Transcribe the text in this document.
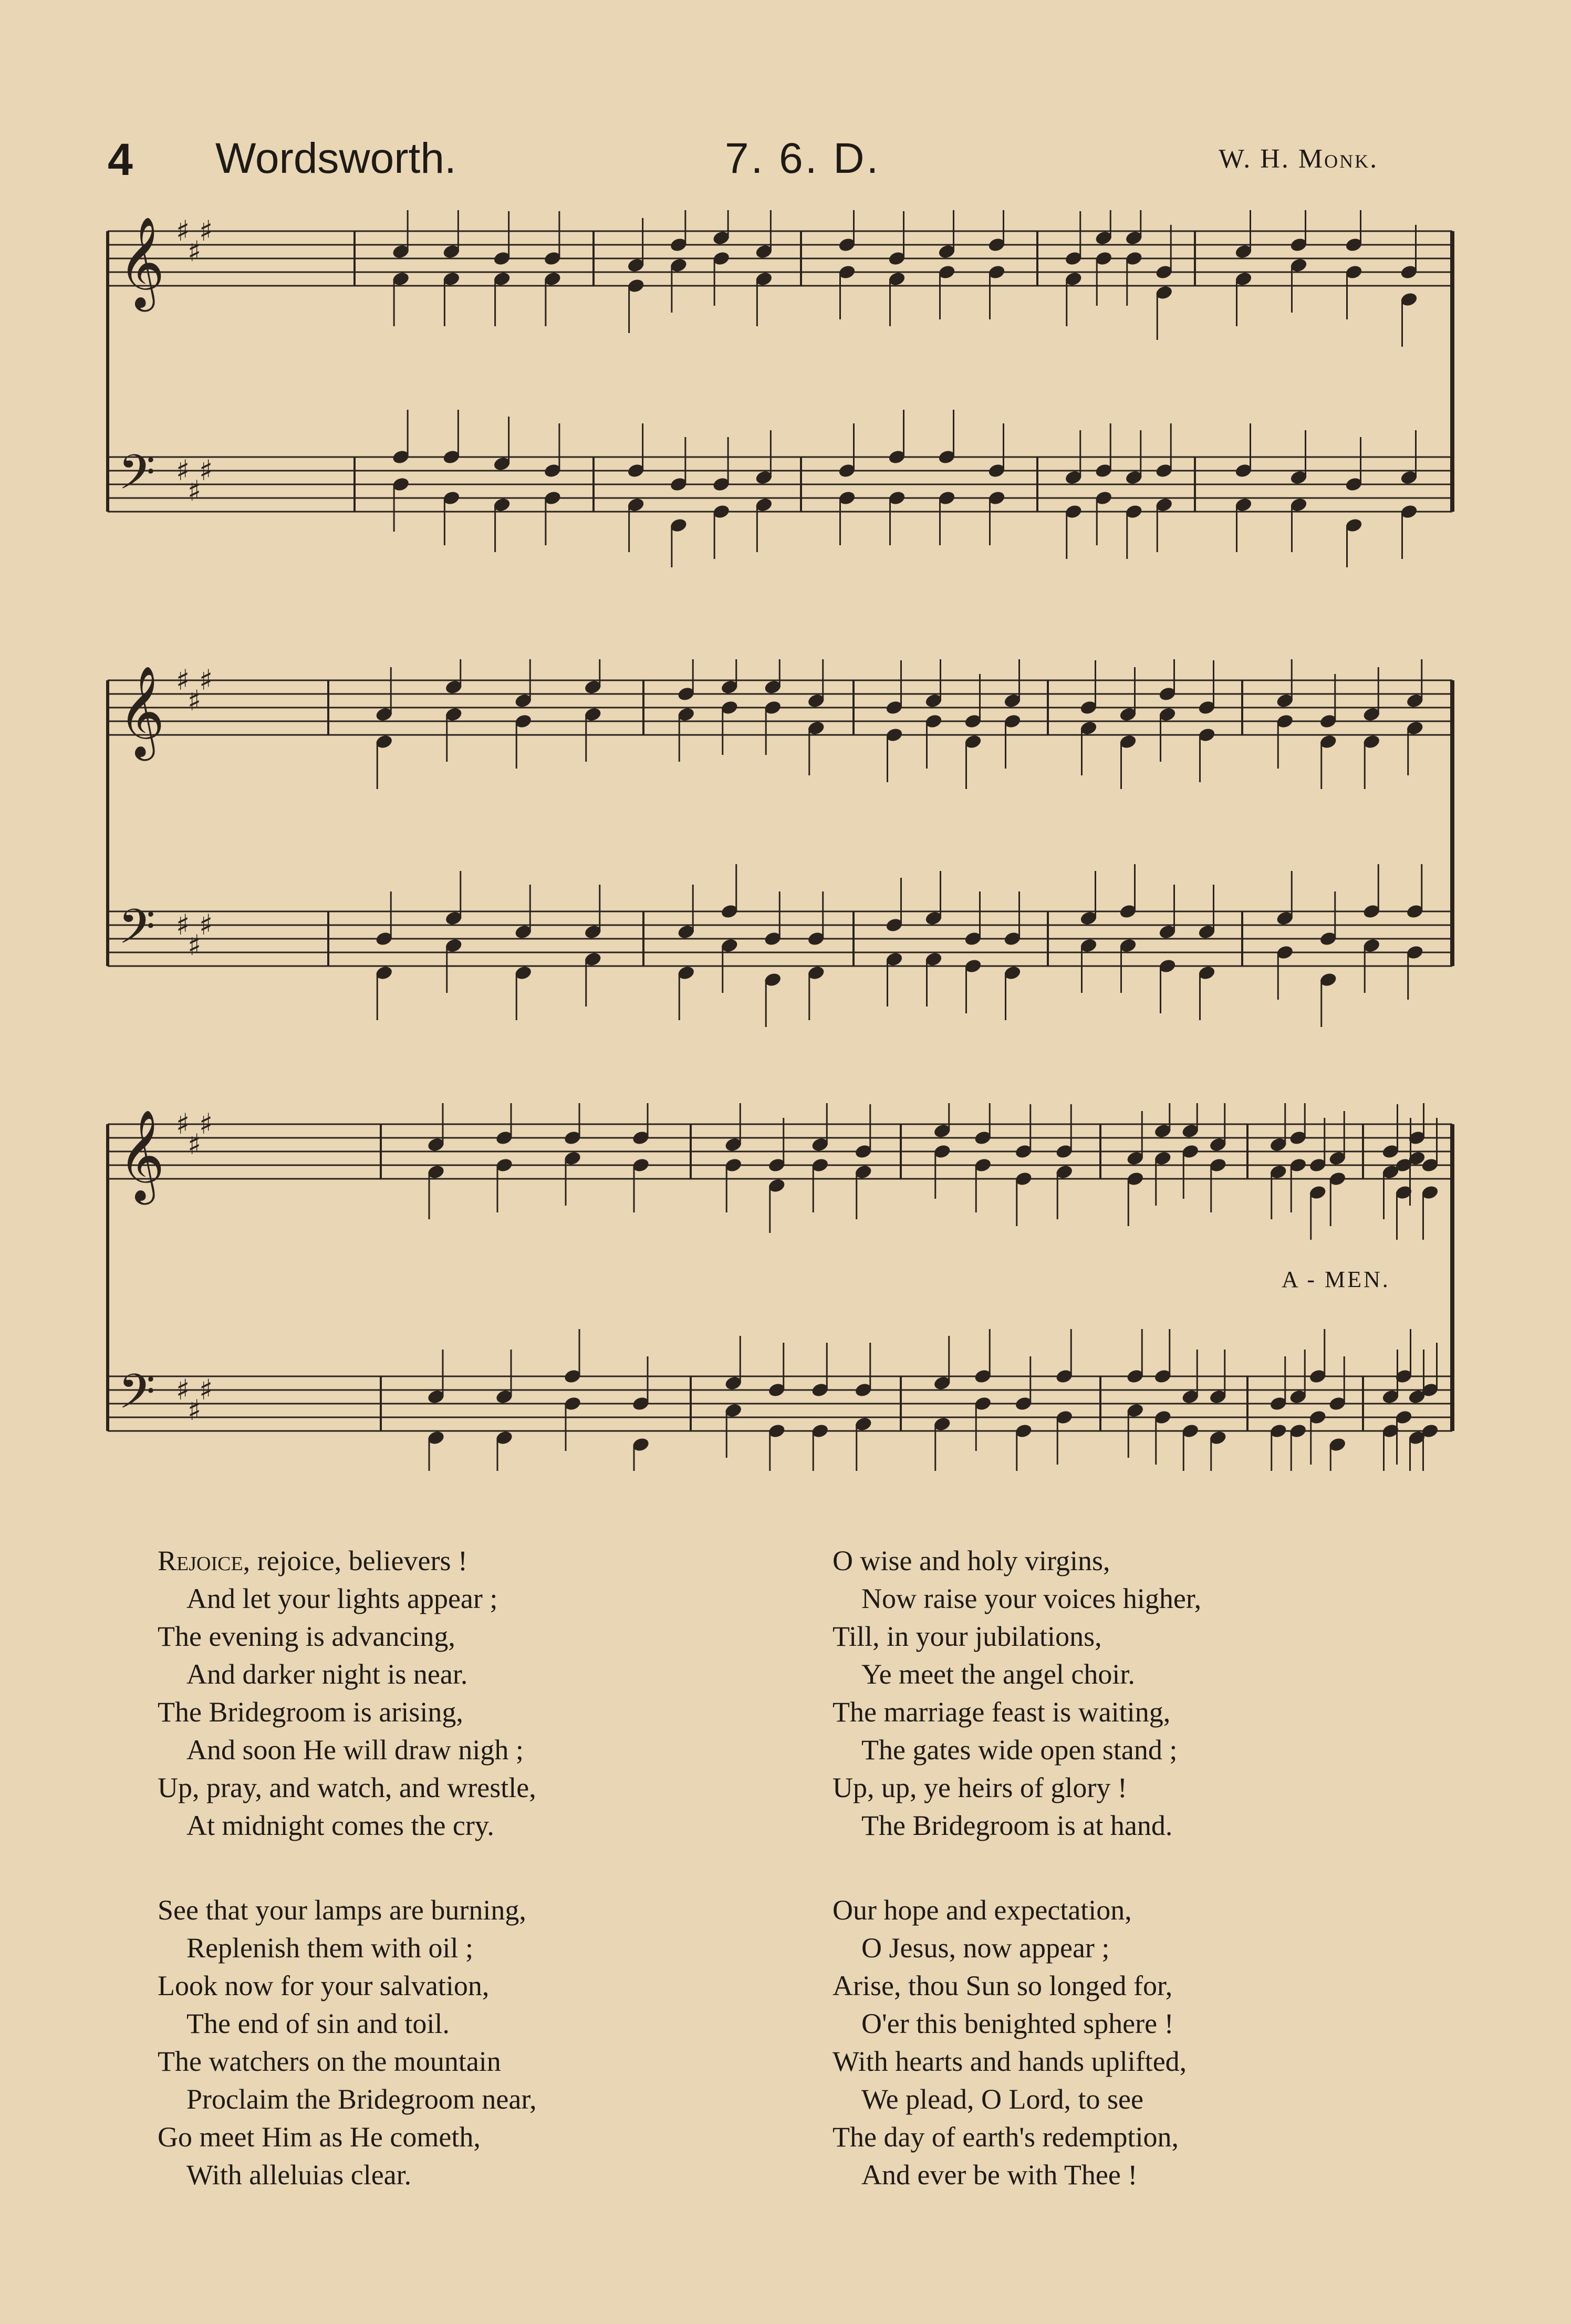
4 Wordsworth.	7. 6. D.	W. H. Monk.
𝄞
𝄢
♯
♯
♯
♯
♯
♯
𝄞
𝄢
♯
♯
♯
♯
♯
♯
𝄞
𝄢
♯
♯
♯
♯
♯
♯
A - MEN.
Rejoice, rejoice, believers !
And let your lights appear ;
The evening is advancing,
And darker night is near.
The Bridegroom is arising,
And soon He will draw nigh ;
Up, pray, and watch, and wrestle,
At midnight comes the cry.
O wise and holy virgins,
Now raise your voices higher,
Till, in your jubilations,
Ye meet the angel choir.
The marriage feast is waiting,
The gates wide open stand ;
Up, up, ye heirs of glory !
The Bridegroom is at hand.
See that your lamps are burning,
Replenish them with oil ;
Look now for your salvation,
The end of sin and toil.
The watchers on the mountain
Proclaim the Bridegroom near,
Go meet Him as He cometh,
With alleluias clear.
Our hope and expectation,
O Jesus, now appear ;
Arise, thou Sun so longed for,
O'er this benighted sphere !
With hearts and hands uplifted,
We plead, O Lord, to see
The day of earth's redemption,
And ever be with Thee !
